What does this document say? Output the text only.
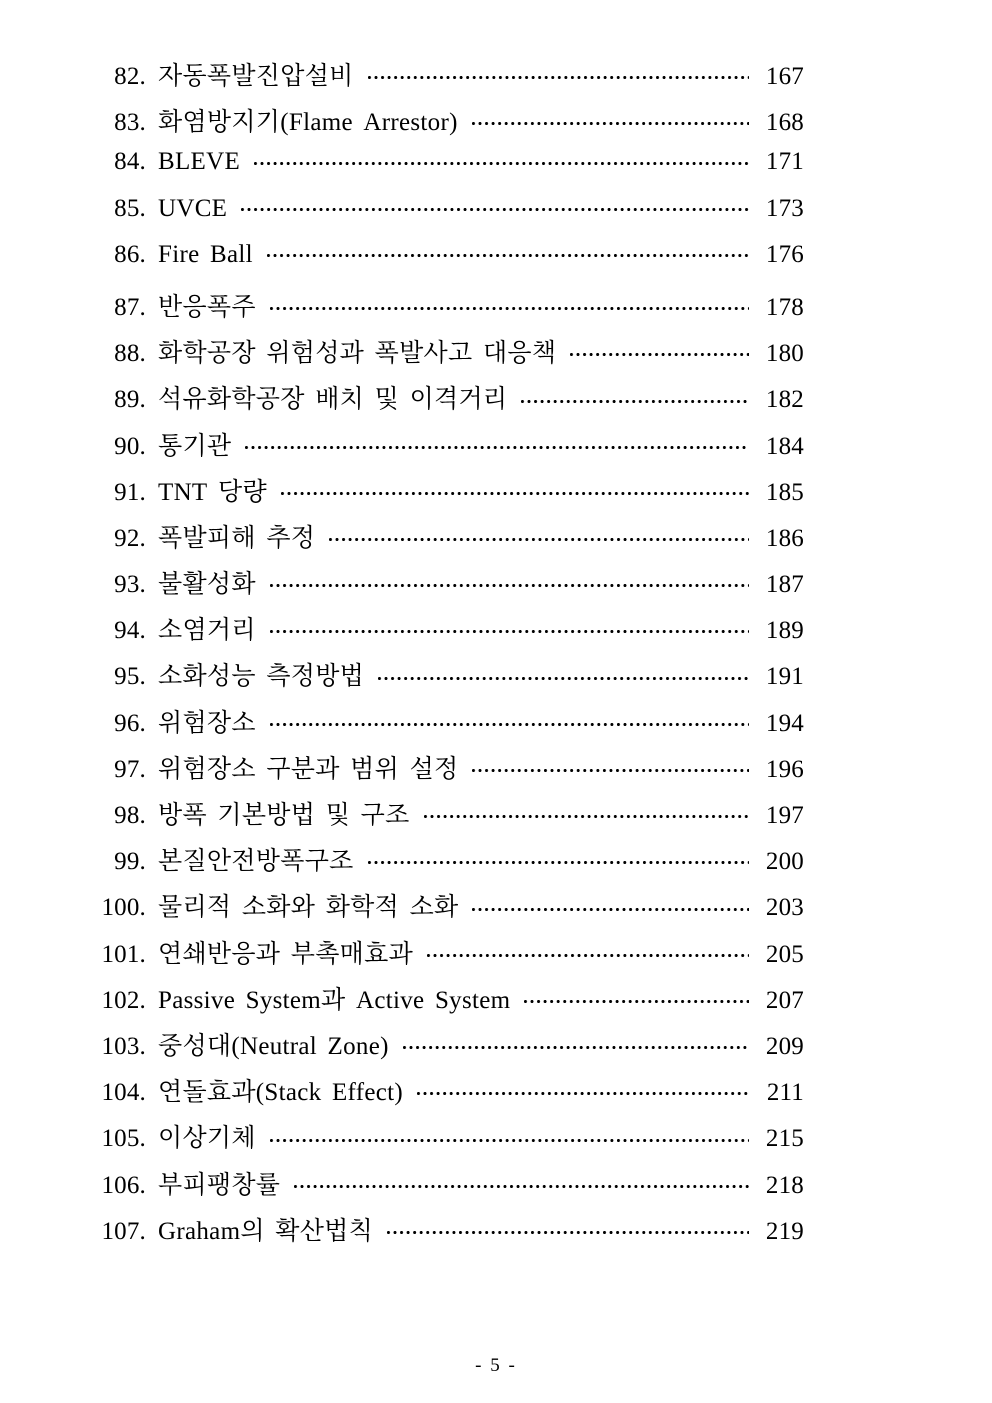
82. 자동폭발진압설비	167
83. 화염방지기(Flame Arrestor)	168
84. BLEVE	171
85. UVCE	173
86. Fire Ball	176
87. 반응폭주	178
88. 화학공장 위험성과 폭발사고 대응책	180
89. 석유화학공장 배치 및 이격거리	182
90. 통기관	184
91. TNT 당량	185
92. 폭발피해 추정	186
93. 불활성화	187
94. 소염거리	189
95. 소화성능 측정방법	191
96. 위험장소	194
97. 위험장소 구분과 범위 설정	196
98. 방폭 기본방법 및 구조	197
99. 본질안전방폭구조	200
100. 물리적 소화와 화학적 소화	203
101. 연쇄반응과 부촉매효과	205
102. Passive System과 Active System	207
103. 중성대(Neutral Zone)	209
104. 연돌효과(Stack Effect)	211
105. 이상기체	215
106. 부피팽창률	218
107. Graham의 확산법칙	219
- 5 -
